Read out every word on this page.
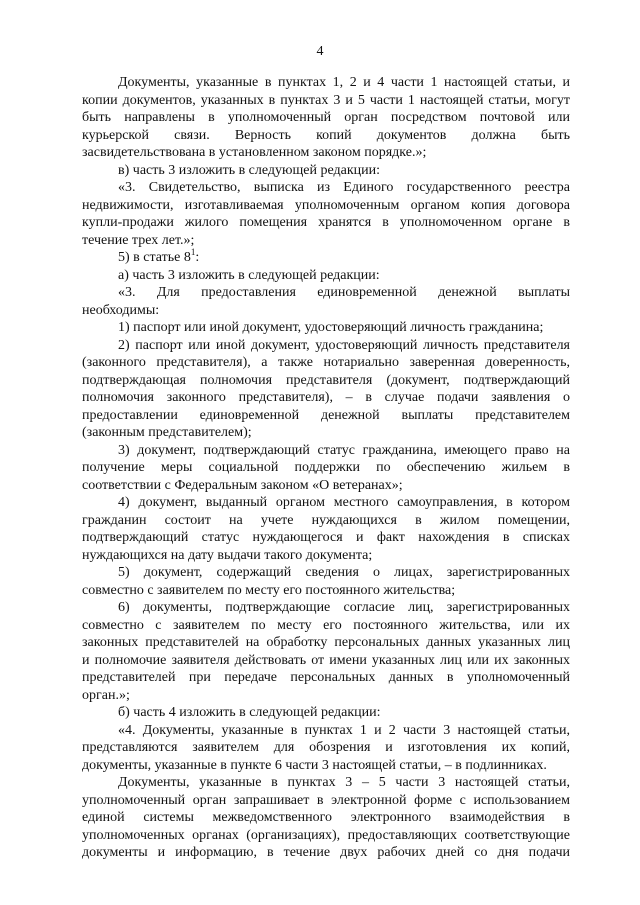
4
Документы, указанные в пунктах 1, 2 и 4 части 1 настоящей статьи, и
копии документов, указанных в пунктах 3 и 5 части 1 настоящей статьи, могут
быть направлены в уполномоченный орган посредством почтовой или
курьерской связи. Верность копий документов должна быть
засвидетельствована в установленном законом порядке.»;
в) часть 3 изложить в следующей редакции:
«3. Свидетельство, выписка из Единого государственного реестра
недвижимости, изготавливаемая уполномоченным органом копия договора
купли-продажи жилого помещения хранятся в уполномоченном органе в
течение трех лет.»;
5) в статье $8^1$:
а) часть 3 изложить в следующей редакции:
«3. Для предоставления единовременной денежной выплаты
необходимы:
1) паспорт или иной документ, удостоверяющий личность гражданина;
2) паспорт или иной документ, удостоверяющий личность представителя
(законного представителя), а также нотариально заверенная доверенность,
подтверждающая полномочия представителя (документ, подтверждающий
полномочия законного представителя), – в случае подачи заявления о
предоставлении единовременной денежной выплаты представителем
(законным представителем);
3) документ, подтверждающий статус гражданина, имеющего право на
получение меры социальной поддержки по обеспечению жильем в
соответствии с Федеральным законом «О ветеранах»;
4) документ, выданный органом местного самоуправления, в котором
гражданин состоит на учете нуждающихся в жилом помещении,
подтверждающий статус нуждающегося и факт нахождения в списках
нуждающихся на дату выдачи такого документа;
5) документ, содержащий сведения о лицах, зарегистрированных
совместно с заявителем по месту его постоянного жительства;
6) документы, подтверждающие согласие лиц, зарегистрированных
совместно с заявителем по месту его постоянного жительства, или их
законных представителей на обработку персональных данных указанных лиц
и полномочие заявителя действовать от имени указанных лиц или их законных
представителей при передаче персональных данных в уполномоченный
орган.»;
б) часть 4 изложить в следующей редакции:
«4. Документы, указанные в пунктах 1 и 2 части 3 настоящей статьи,
представляются заявителем для обозрения и изготовления их копий,
документы, указанные в пункте 6 части 3 настоящей статьи, – в подлинниках.
Документы, указанные в пунктах 3 – 5 части 3 настоящей статьи,
уполномоченный орган запрашивает в электронной форме с использованием
единой системы межведомственного электронного взаимодействия в
уполномоченных органах (организациях), предоставляющих соответствующие
документы и информацию, в течение двух рабочих дней со дня подачи
